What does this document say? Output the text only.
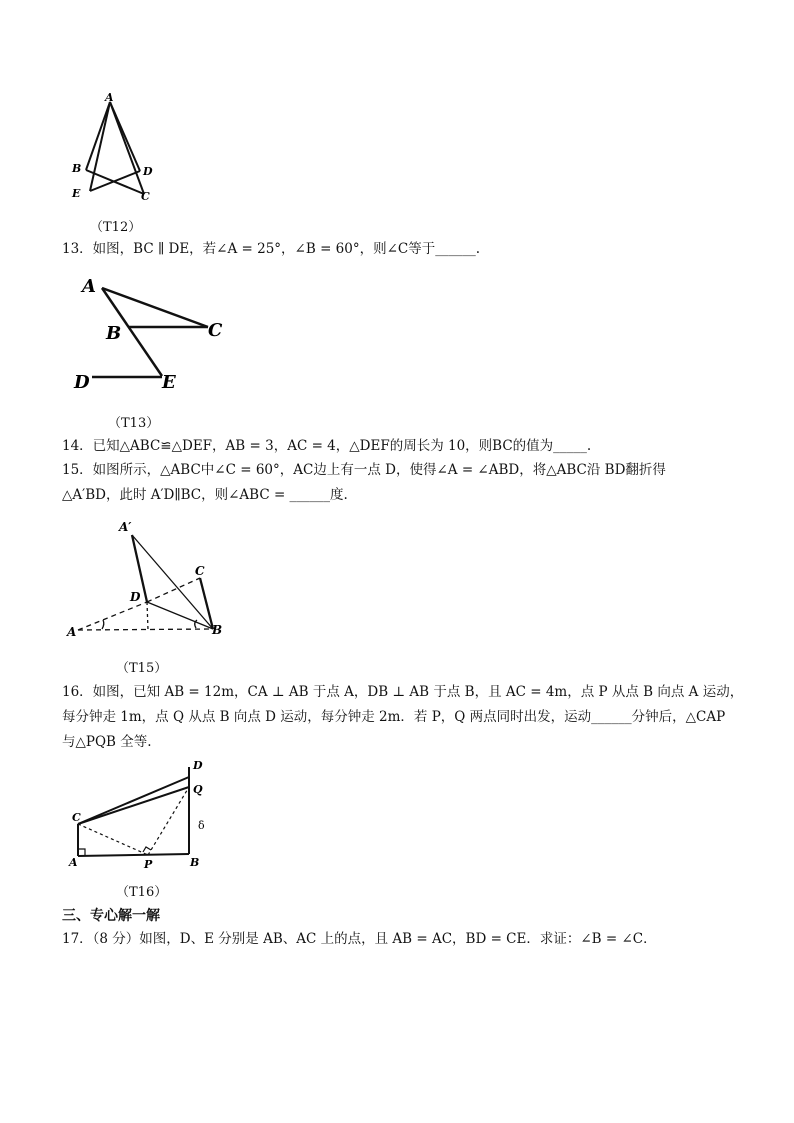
A
B	D
E	C
（T12）
13．如图，BC ∥ DE，若∠A = 25°，∠B = 60°，则∠C等于______.
A
B	C
D	E
（T13）
14．已知△ABC≌△DEF，AB = 3，AC = 4，△DEF的周长为 10，则BC的值为_____.
15．如图所示，△ABC中∠C = 60°，AC边上有一点 D，使得∠A = ∠ABD，将△ABC沿 BD翻折得
△A′BD，此时 A′D∥BC，则∠ABC = ______度.
A′
C
D
A	B
（T15）
16．如图，已知 AB = 12m，CA ⊥ AB 于点 A，DB ⊥ AB 于点 B，且 AC = 4m，点 P 从点 B 向点 A 运动，
每分钟走 1m，点 Q 从点 B 向点 D 运动，每分钟走 2m．若 P，Q 两点同时出发，运动______分钟后，△CAP
与△PQB 全等.
δ
D
Q
C
A	P	B
（T16）
三、专心解一解
17．（8 分）如图，D、E 分别是 AB、AC 上的点，且 AB = AC，BD = CE．求证：∠B = ∠C．
